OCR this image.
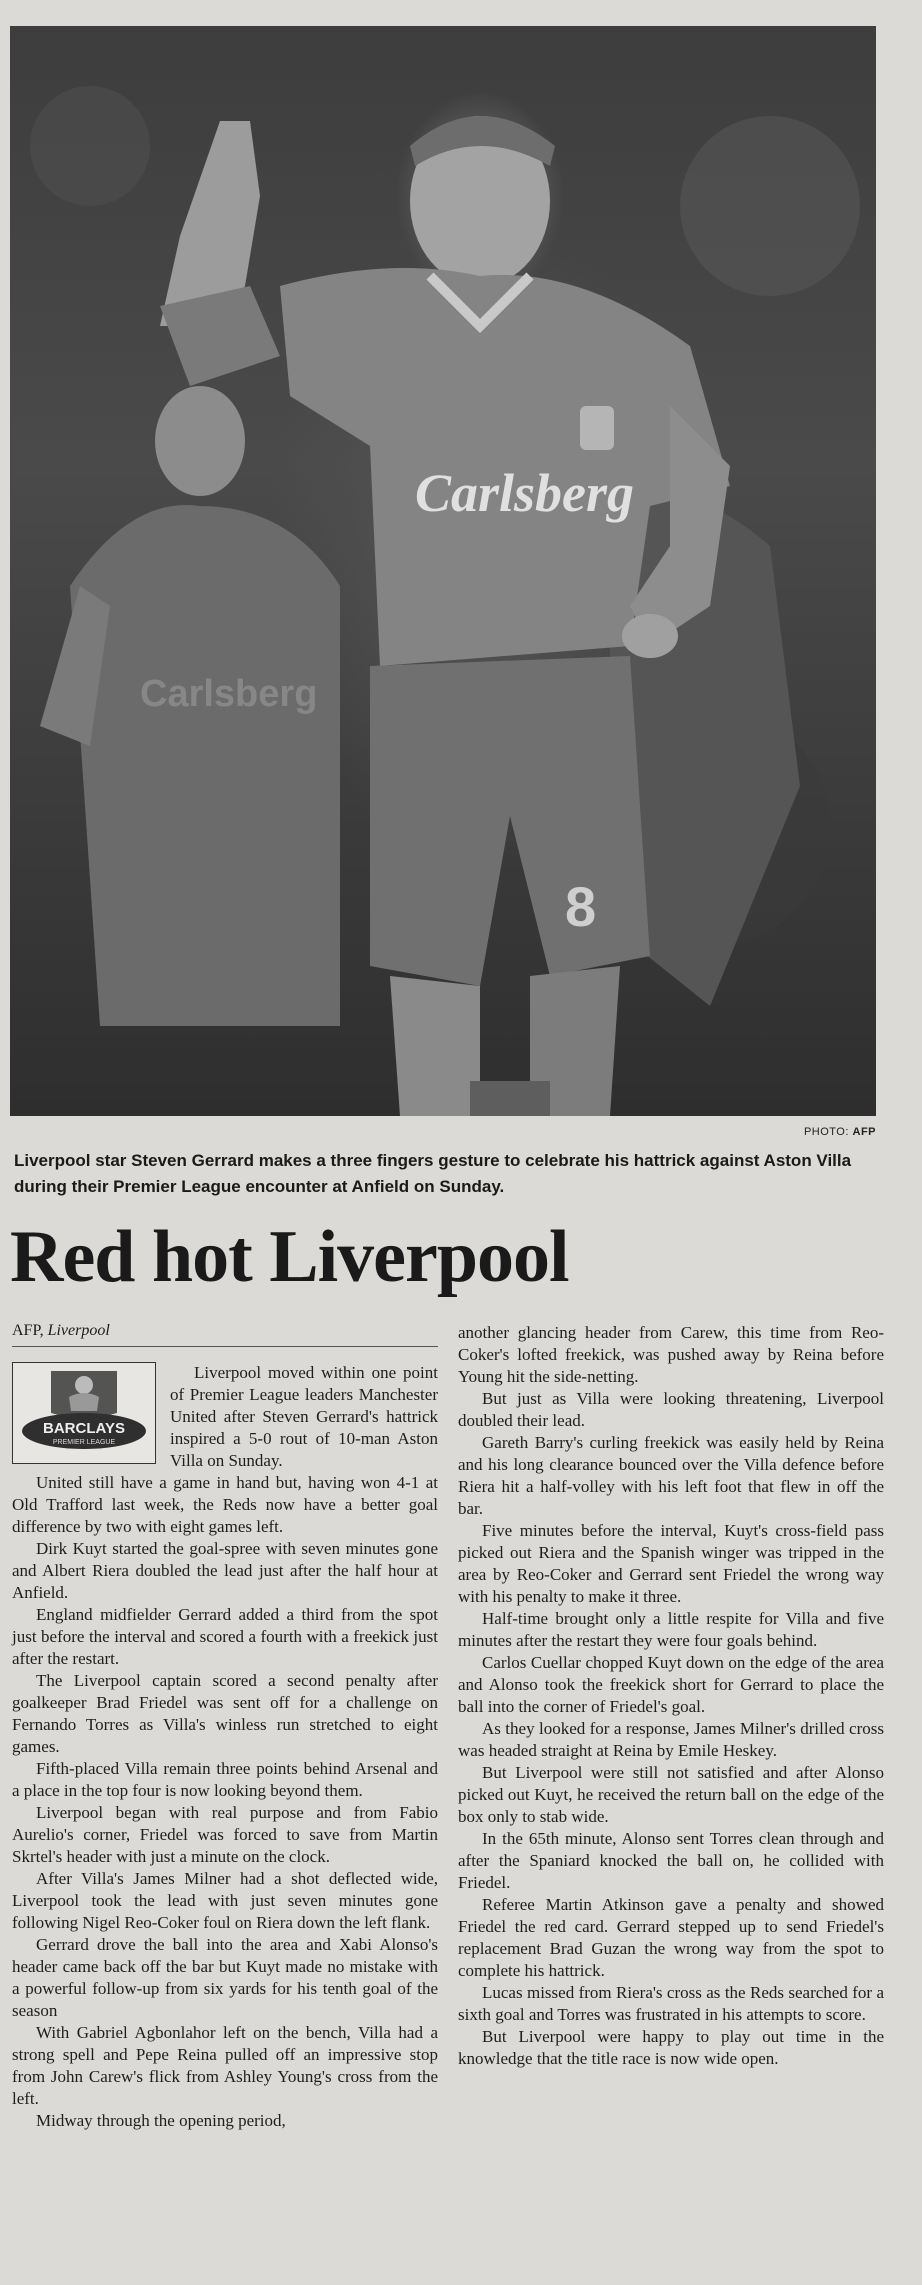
Carlsberg
Carlsberg
8
PHOTO: AFP
Liverpool star Steven Gerrard makes a three fingers gesture to celebrate his hattrick against Aston Villa during their Premier League encounter at Anfield on Sunday.
Red hot Liverpool
AFP, Liverpool
BARCLAYS
PREMIER LEAGUE

Liverpool moved within one point of Premier League leaders Manchester United after Steven Gerrard's hattrick inspired a 5-0 rout of 10-man Aston Villa on Sunday.

United still have a game in hand but, having won 4-1 at Old Trafford last week, the Reds now have a better goal difference by two with eight games left.

Dirk Kuyt started the goal-spree with seven minutes gone and Albert Riera doubled the lead just after the half hour at Anfield.

England midfielder Gerrard added a third from the spot just before the interval and scored a fourth with a freekick just after the restart.

The Liverpool captain scored a second penalty after goalkeeper Brad Friedel was sent off for a challenge on Fernando Torres as Villa's winless run stretched to eight games.

Fifth-placed Villa remain three points behind Arsenal and a place in the top four is now looking beyond them.

Liverpool began with real purpose and from Fabio Aurelio's corner, Friedel was forced to save from Martin Skrtel's header with just a minute on the clock.

After Villa's James Milner had a shot deflected wide, Liverpool took the lead with just seven minutes gone following Nigel Reo-Coker foul on Riera down the left flank.

Gerrard drove the ball into the area and Xabi Alonso's header came back off the bar but Kuyt made no mistake with a powerful follow-up from six yards for his tenth goal of the season

With Gabriel Agbonlahor left on the bench, Villa had a strong spell and Pepe Reina pulled off an impressive stop from John Carew's flick from Ashley Young's cross from the left.

Midway through the opening period,

another glancing header from Carew, this time from Reo-Coker's lofted freekick, was pushed away by Reina before Young hit the side-netting.

But just as Villa were looking threatening, Liverpool doubled their lead.

Gareth Barry's curling freekick was easily held by Reina and his long clearance bounced over the Villa defence before Riera hit a half-volley with his left foot that flew in off the bar.

Five minutes before the interval, Kuyt's cross-field pass picked out Riera and the Spanish winger was tripped in the area by Reo-Coker and Gerrard sent Friedel the wrong way with his penalty to make it three.

Half-time brought only a little respite for Villa and five minutes after the restart they were four goals behind.

Carlos Cuellar chopped Kuyt down on the edge of the area and Alonso took the freekick short for Gerrard to place the ball into the corner of Friedel's goal.

As they looked for a response, James Milner's drilled cross was headed straight at Reina by Emile Heskey.

But Liverpool were still not satisfied and after Alonso picked out Kuyt, he received the return ball on the edge of the box only to stab wide.

In the 65th minute, Alonso sent Torres clean through and after the Spaniard knocked the ball on, he collided with Friedel.

Referee Martin Atkinson gave a penalty and showed Friedel the red card. Gerrard stepped up to send Friedel's replacement Brad Guzan the wrong way from the spot to complete his hattrick.

Lucas missed from Riera's cross as the Reds searched for a sixth goal and Torres was frustrated in his attempts to score.

But Liverpool were happy to play out time in the knowledge that the title race is now wide open.
